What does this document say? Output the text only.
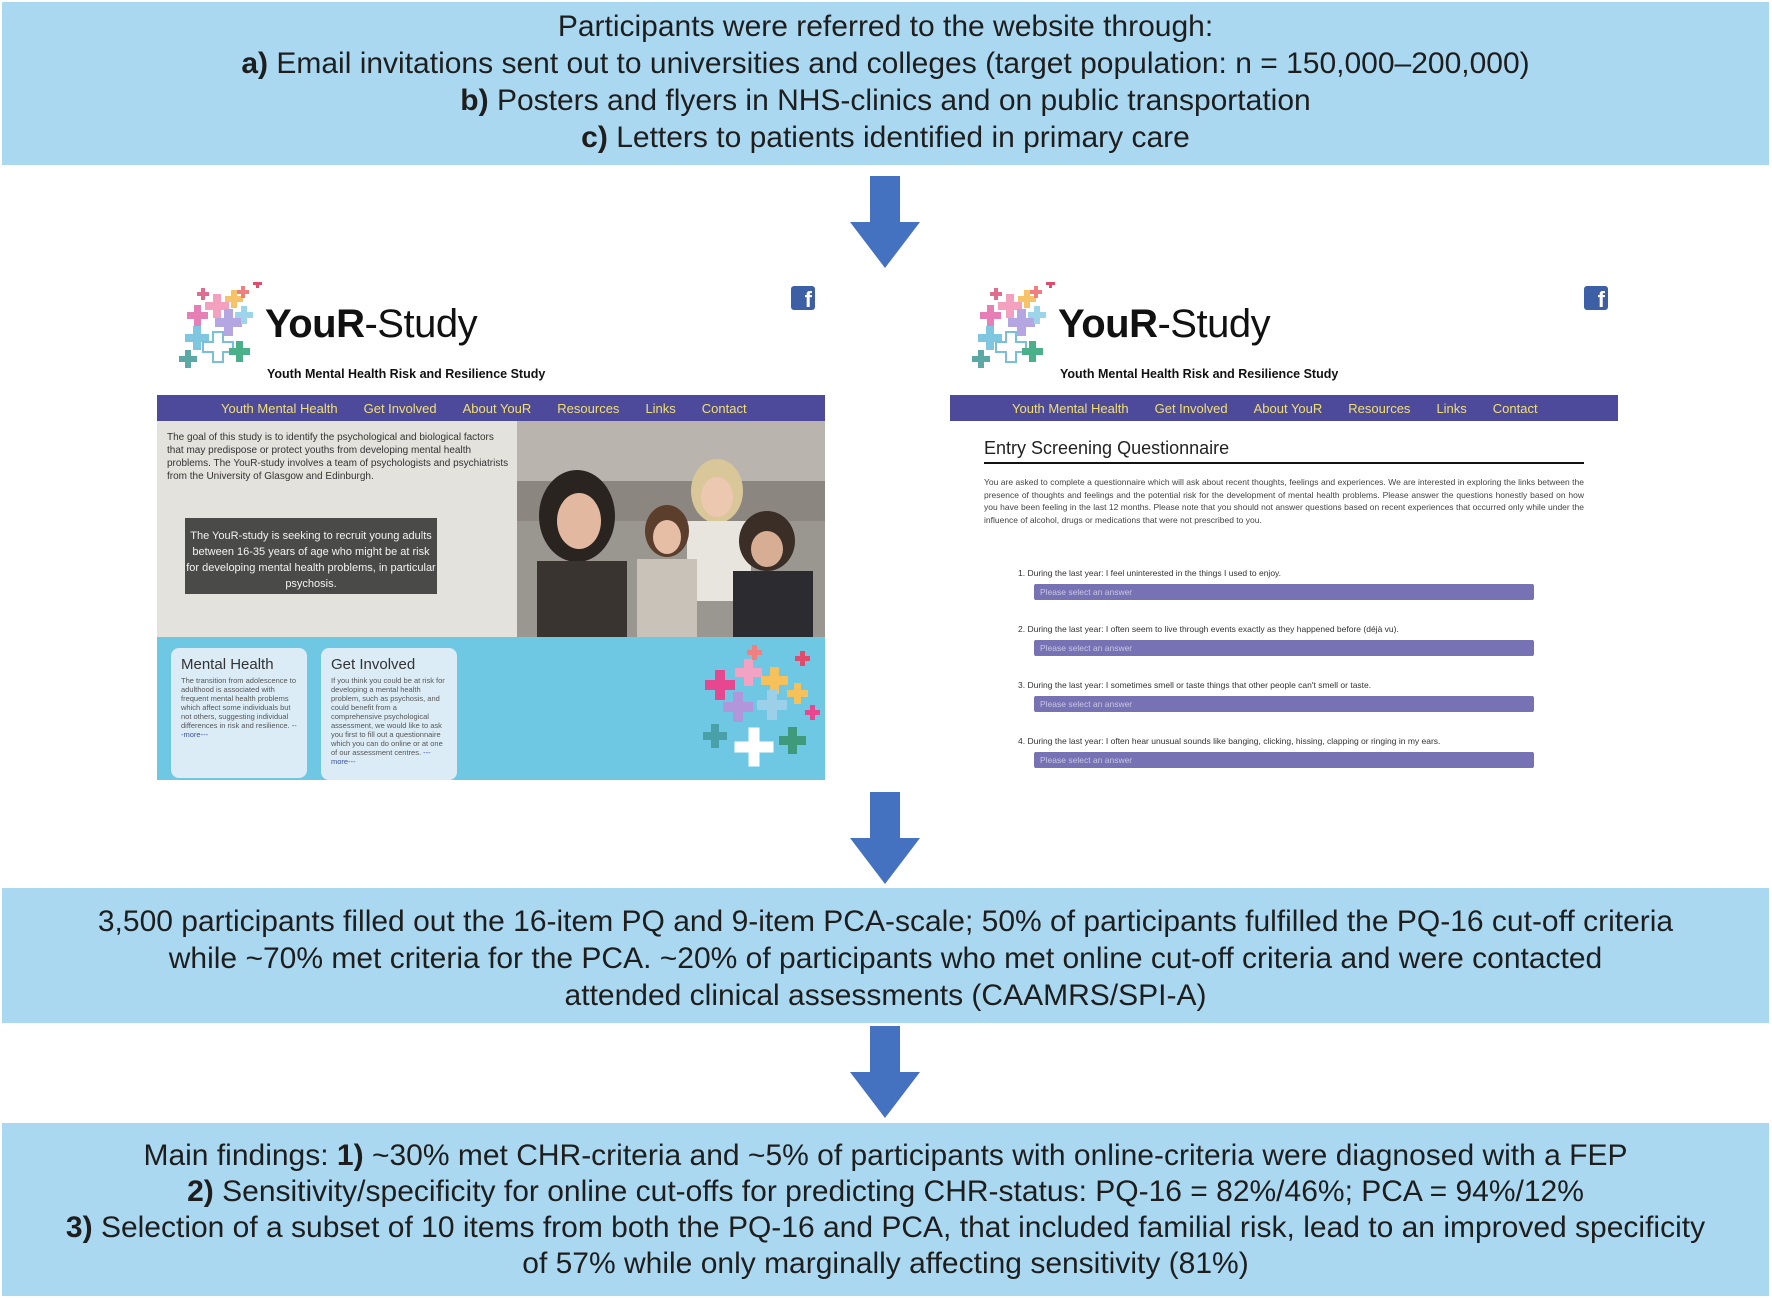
Participants were referred to the website through:
a) Email invitations sent out to universities and colleges (target population: n = 150,000–200,000)
b) Posters and flyers in NHS-clinics and on public transportation
c) Letters to patients identified in primary care
YouR-Study
Youth Mental Health Risk and Resilience Study
f
Youth Mental Health Get Involved About YouR Resources Links Contact
The goal of this study is to identify the psychological and biological factors that may predispose or protect youths from developing mental health problems. The YouR-study involves a team of psychologists and psychiatrists from the University of Glasgow and Edinburgh.
The YouR-study is seeking to recruit young adults between 16-35 years of age who might be at risk for developing mental health problems, in particular psychosis.
Mental Health
The transition from adolescence to adulthood is associated with frequent mental health problems which affect some individuals but not others, suggesting individual differences in risk and resilience. ---more---
Get Involved
If you think you could be at risk for developing a mental health problem, such as psychosis, and could benefit from a comprehensive psychological assessment, we would like to ask you first to fill out a questionnaire which you can do online or at one of our assessment centres. ---more---
YouR-Study
Youth Mental Health Risk and Resilience Study
f
Youth Mental Health Get Involved About YouR Resources Links Contact
Entry Screening Questionnaire
You are asked to complete a questionnaire which will ask about recent thoughts, feelings and experiences. We are interested in exploring the links between the presence of thoughts and feelings and the potential risk for the development of mental health problems. Please answer the questions honestly based on how you have been feeling in the last 12 months. Please note that you should not answer questions based on recent experiences that occurred only while under the influence of alcohol, drugs or medications that were not prescribed to you.
1. During the last year: I feel uninterested in the things I used to enjoy.
Please select an answer
2. During the last year: I often seem to live through events exactly as they happened before (déjà vu).
Please select an answer
3. During the last year: I sometimes smell or taste things that other people can't smell or taste.
Please select an answer
4. During the last year: I often hear unusual sounds like banging, clicking, hissing, clapping or ringing in my ears.
Please select an answer
3,500 participants filled out the 16-item PQ and 9-item PCA-scale; 50% of participants fulfilled the PQ-16 cut-off criteria
while ~70% met criteria for the PCA. ~20% of participants who met online cut-off criteria and were contacted
attended clinical assessments (CAAMRS/SPI-A)
Main findings: 1) ~30% met CHR-criteria and ~5% of participants with online-criteria were diagnosed with a FEP
2) Sensitivity/specificity for online cut-offs for predicting CHR-status: PQ-16 = 82%/46%; PCA = 94%/12%
3) Selection of a subset of 10 items from both the PQ-16 and PCA, that included familial risk, lead to an improved specificity
of 57% while only marginally affecting sensitivity (81%)
